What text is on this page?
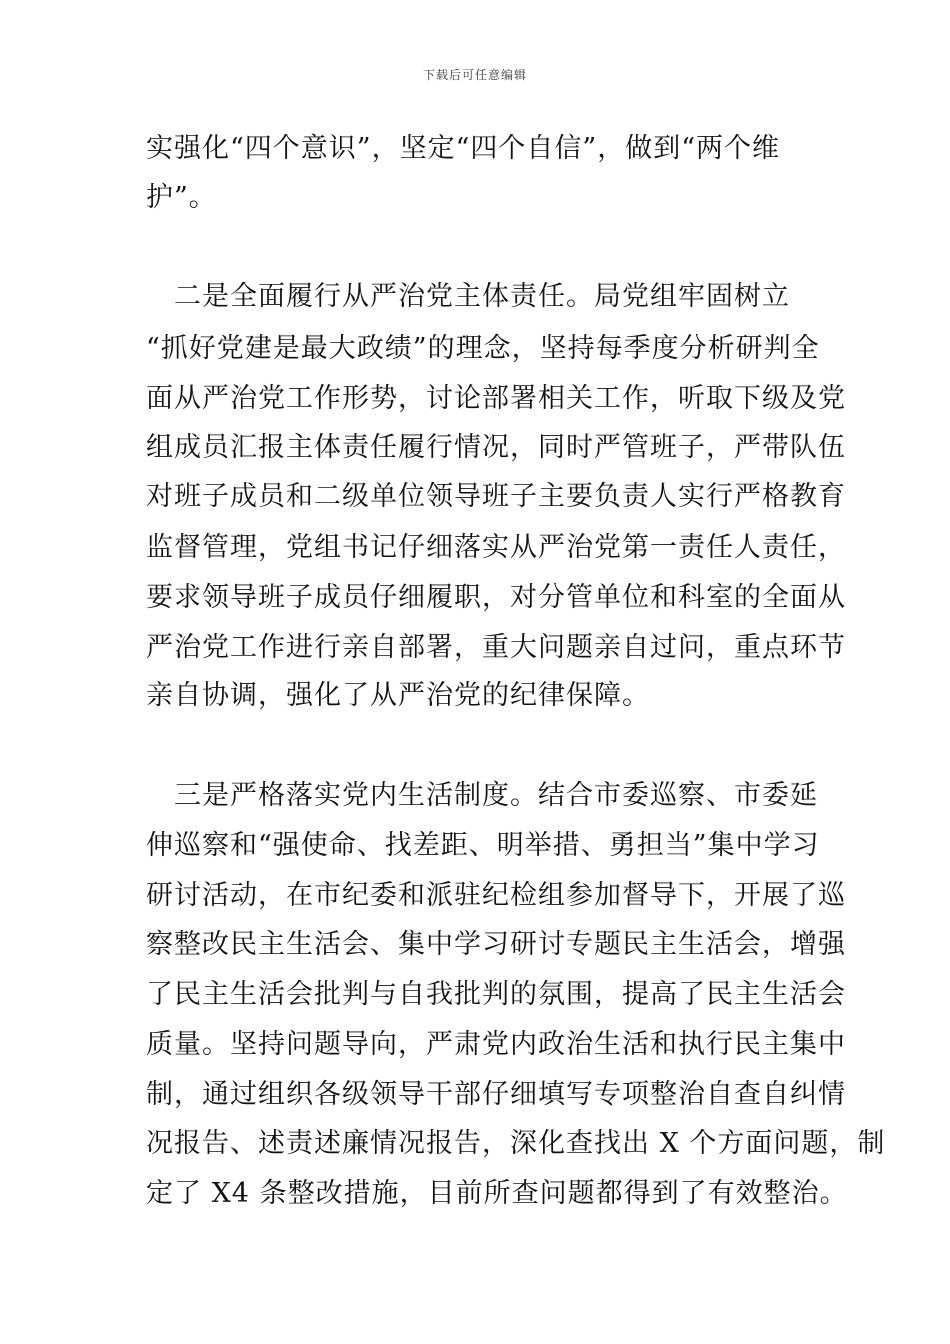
下载后可任意编辑
实强化“四个意识”，坚定“四个自信”，做到“两个维
护”。
　二是全面履行从严治党主体责任。局党组牢固树立
“抓好党建是最大政绩”的理念，坚持每季度分析研判全
面从严治党工作形势，讨论部署相关工作，听取下级及党
组成员汇报主体责任履行情况，同时严管班子，严带队伍
对班子成员和二级单位领导班子主要负责人实行严格教育
监督管理，党组书记仔细落实从严治党第一责任人责任，
要求领导班子成员仔细履职，对分管单位和科室的全面从
严治党工作进行亲自部署，重大问题亲自过问，重点环节
亲自协调，强化了从严治党的纪律保障。
　三是严格落实党内生活制度。结合市委巡察、市委延
伸巡察和“强使命、找差距、明举措、勇担当”集中学习
研讨活动，在市纪委和派驻纪检组参加督导下，开展了巡
察整改民主生活会、集中学习研讨专题民主生活会，增强
了民主生活会批判与自我批判的氛围，提高了民主生活会
质量。坚持问题导向，严肃党内政治生活和执行民主集中
制，通过组织各级领导干部仔细填写专项整治自查自纠情
况报告、述责述廉情况报告，深化查找出 X 个方面问题，制
定了 X4 条整改措施，目前所查问题都得到了有效整治。
